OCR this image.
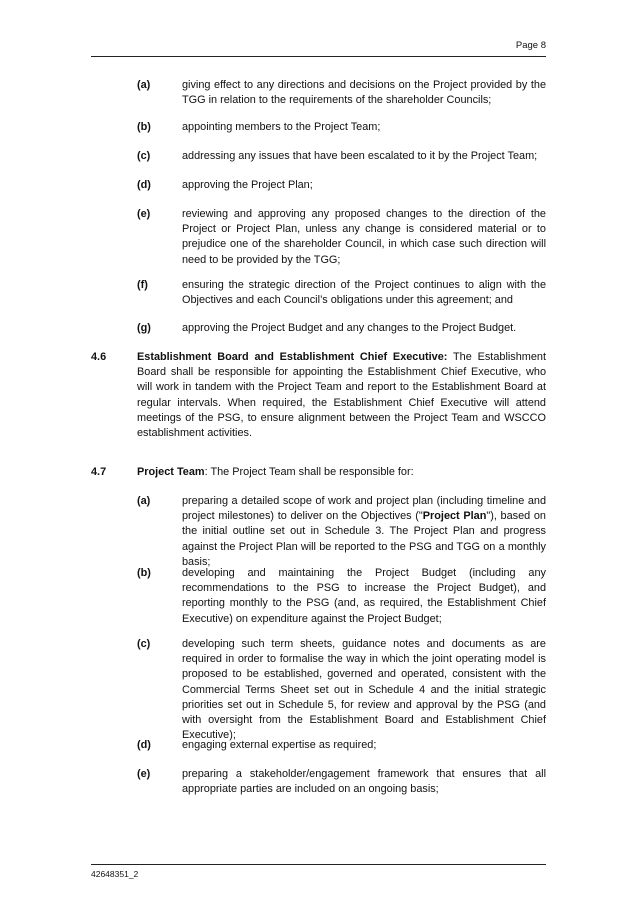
Page 8
(a)	giving effect to any directions and decisions on the Project provided by the TGG in relation to the requirements of the shareholder Councils;
(b)	appointing members to the Project Team;
(c)	addressing any issues that have been escalated to it by the Project Team;
(d)	approving the Project Plan;
(e)	reviewing and approving any proposed changes to the direction of the Project or Project Plan, unless any change is considered material or to prejudice one of the shareholder Council, in which case such direction will need to be provided by the TGG;
(f)	ensuring the strategic direction of the Project continues to align with the Objectives and each Council’s obligations under this agreement; and
(g)	approving the Project Budget and any changes to the Project Budget.
4.6	Establishment Board and Establishment Chief Executive: The Establishment Board shall be responsible for appointing the Establishment Chief Executive, who will work in tandem with the Project Team and report to the Establishment Board at regular intervals. When required, the Establishment Chief Executive will attend meetings of the PSG, to ensure alignment between the Project Team and WSCCO establishment activities.
4.7	Project Team: The Project Team shall be responsible for:
(a)	preparing a detailed scope of work and project plan (including timeline and project milestones) to deliver on the Objectives ("Project Plan"), based on the initial outline set out in Schedule 3. The Project Plan and progress against the Project Plan will be reported to the PSG and TGG on a monthly basis;
(b)	developing and maintaining the Project Budget (including any recommendations to the PSG to increase the Project Budget), and reporting monthly to the PSG (and, as required, the Establishment Chief Executive) on expenditure against the Project Budget;
(c)	developing such term sheets, guidance notes and documents as are required in order to formalise the way in which the joint operating model is proposed to be established, governed and operated, consistent with the Commercial Terms Sheet set out in Schedule 4 and the initial strategic priorities set out in Schedule 5, for review and approval by the PSG (and with oversight from the Establishment Board and Establishment Chief Executive);
(d)	engaging external expertise as required;
(e)	preparing a stakeholder/engagement framework that ensures that all appropriate parties are included on an ongoing basis;
42648351_2
